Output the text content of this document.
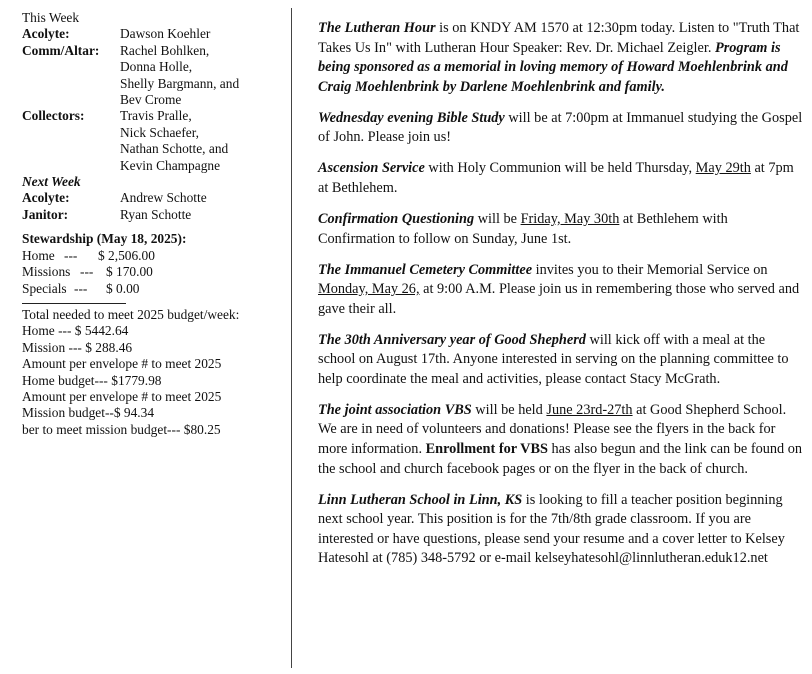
This Week
Acolyte:	Dawson Koehler
Comm/Altar:	Rachel Bohlken,
Donna Holle,
Shelly Bargmann, and
Bev Crome
Collectors:	Travis Pralle,
Nick Schaefer,
Nathan Schotte, and
Kevin Champagne
Next Week
Acolyte:	Andrew Schotte
Janitor:	Ryan Schotte
Stewardship (May 18, 2025):
Home --- $ 2,506.00
Missions --- $ 170.00
Specials --- $ 0.00
Total needed to meet 2025 budget/week:
Home --- $ 5442.64
Mission --- $ 288.46
Amount per envelope # to meet 2025
Home budget--- $1779.98
Amount per envelope # to meet 2025
Mission budget--$ 94.34
ber to meet mission budget--- $80.25

The Lutheran Hour is on KNDY AM 1570 at 12:30pm today. Listen to "Truth That Takes Us In" with Lutheran Hour Speaker: Rev. Dr. Michael Zeigler. Program is being sponsored as a memorial in loving memory of Howard Moehlenbrink and Craig Moehlenbrink by Darlene Moehlenbrink and family.

Wednesday evening Bible Study will be at 7:00pm at Immanuel studying the Gospel of John. Please join us!

Ascension Service with Holy Communion will be held Thursday, May 29th at 7pm at Bethlehem.

Confirmation Questioning will be Friday, May 30th at Bethlehem with Confirmation to follow on Sunday, June 1st.

The Immanuel Cemetery Committee invites you to their Memorial Service on Monday, May 26, at 9:00 A.M. Please join us in remembering those who served and gave their all.

The 30th Anniversary year of Good Shepherd will kick off with a meal at the school on August 17th. Anyone interested in serving on the planning committee to help coordinate the meal and activities, please contact Stacy McGrath.

The joint association VBS will be held June 23rd-27th at Good Shepherd School. We are in need of volunteers and donations! Please see the flyers in the back for more information. Enrollment for VBS has also begun and the link can be found on the school and church facebook pages or on the flyer in the back of church.

Linn Lutheran School in Linn, KS is looking to fill a teacher position beginning next school year. This position is for the 7th/8th grade classroom. If you are interested or have questions, please send your resume and a cover letter to Kelsey Hatesohl at (785) 348-5792 or e-mail kelseyhatesohl@linnlutheran.eduk12.net
